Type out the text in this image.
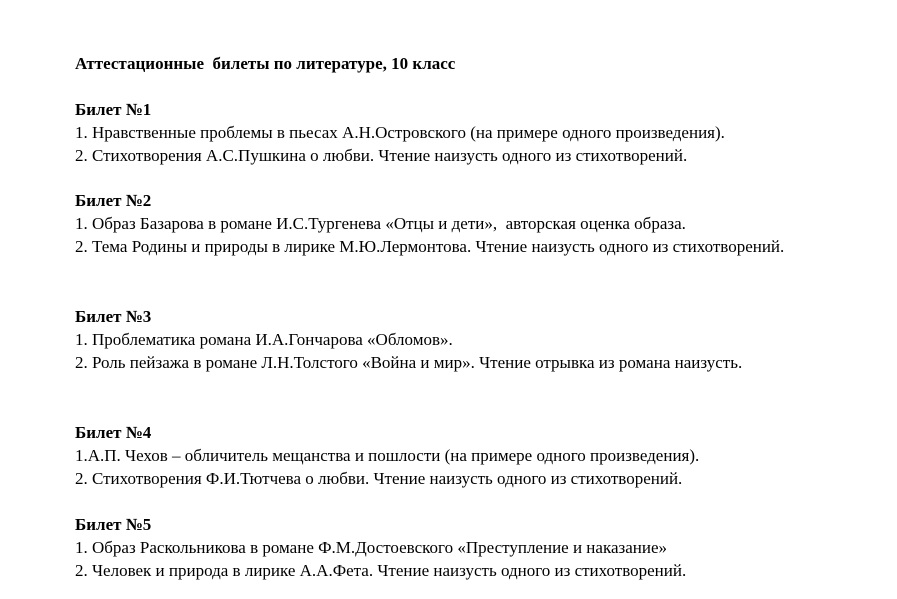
Аттестационные  билеты по литературе, 10 класс

Билет №1

1. Нравственные проблемы в пьесах А.Н.Островского (на примере одного произведения).

2. Стихотворения А.С.Пушкина о любви. Чтение наизусть одного из стихотворений.

Билет №2

1. Образ Базарова в романе И.С.Тургенева «Отцы и дети»,  авторская оценка образа.

2. Тема Родины и природы в лирике М.Ю.Лермонтова. Чтение наизусть одного из стихотворений.

Билет №3

1. Проблематика романа И.А.Гончарова «Обломов».

2. Роль пейзажа в романе Л.Н.Толстого «Война и мир». Чтение отрывка из романа наизусть.

Билет №4

1.А.П. Чехов – обличитель мещанства и пошлости (на примере одного произведения).

2. Стихотворения Ф.И.Тютчева о любви. Чтение наизусть одного из стихотворений.

Билет №5

1. Образ Раскольникова в романе Ф.М.Достоевского «Преступление и наказание»

2. Человек и природа в лирике А.А.Фета. Чтение наизусть одного из стихотворений.
